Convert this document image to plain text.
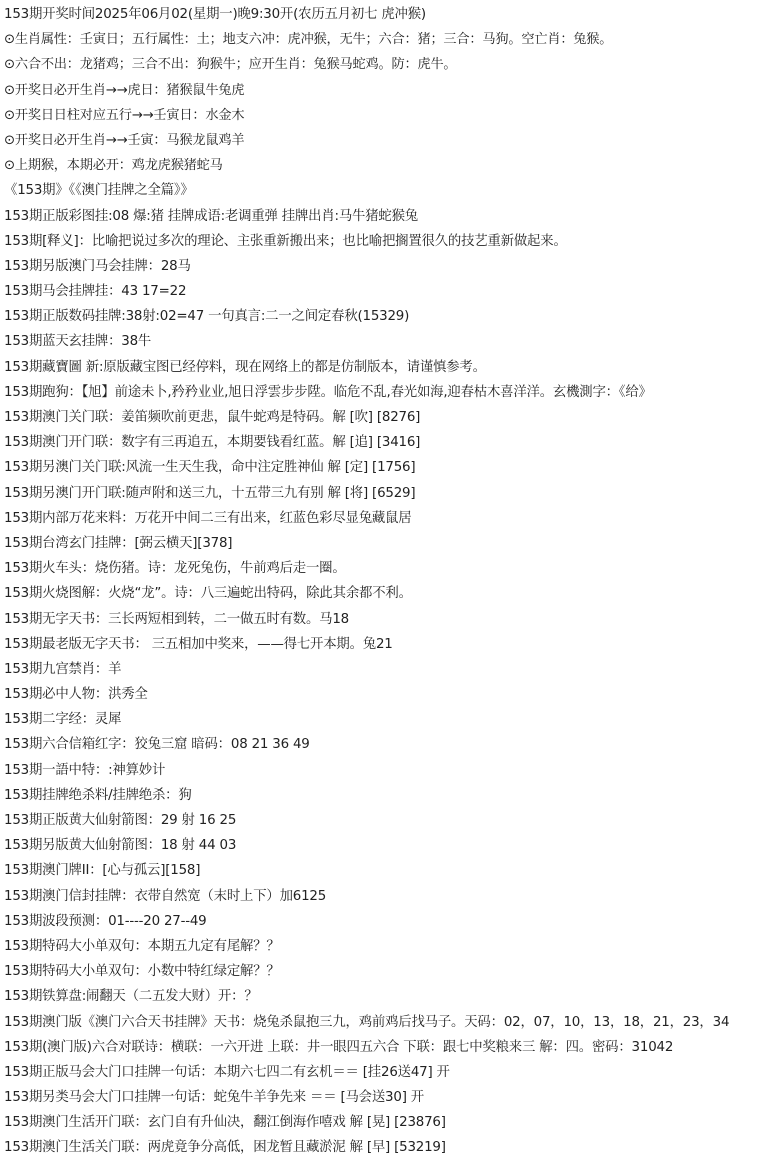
153期开奖时间2025年06月02(星期一)晚9:30开(农历五月初七 虎冲猴)
⊙生肖属性：壬寅日；五行属性：土；地支六冲：虎冲猴，无牛；六合：猪；三合：马狗。空亡肖：兔猴。
⊙六合不出：龙猪鸡；三合不出：狗猴牛；应开生肖：兔猴马蛇鸡。防：虎牛。
⊙开奖日必开生肖→→虎日：猪猴鼠牛兔虎
⊙开奖日日柱对应五行→→壬寅日：水金木
⊙开奖日必开生肖→→壬寅：马猴龙鼠鸡羊
⊙上期猴，本期必开：鸡龙虎猴猪蛇马
《153期》《《澳门挂牌之全篇》》
153期正版彩图挂:08 爆:猪 挂牌成语:老调重弹 挂牌出肖:马牛猪蛇猴兔
153期[释义]：比喻把说过多次的理论、主张重新搬出来；也比喻把搁置很久的技艺重新做起来。
153期另版澳门马会挂牌：28马
153期马会挂牌挂：43 17=22
153期正版数码挂牌:38射:02=47 一句真言:二一之间定春秋(15329)
153期蓝天玄挂牌：38牛
153期藏寶圖 新:原版藏宝图已经停料，现在网络上的都是仿制版本，请谨慎参考。
153期跑狗：【旭】前途未卜,矜矜业业,旭日浮雲步步陞。临危不乱,春光如海,迎春枯木喜洋洋。玄機測字：《给》
153期澳门关门联：姜笛频吹前更悲，鼠牛蛇鸡是特码。解 [吹] [8276]
153期澳门开门联：数字有三再追五，本期要钱看红蓝。解 [追] [3416]
153期另澳门关门联:风流一生天生我，命中注定胜神仙 解 [定] [1756]
153期另澳门开门联:随声附和送三九，十五带三九有别 解 [将] [6529]
153期内部万花来料：万花开中间二三有出来，红蓝色彩尽显兔藏鼠居
153期台湾玄门挂牌：[弼云横天][378]
153期火车头：烧伤猪。诗：龙死兔伤，牛前鸡后走一圈。
153期火烧图解：火烧“龙”。诗：八三遍蛇出特码，除此其余都不利。
153期无字天书：三长两短相到转，二一做五时有数。马18
153期最老版无字天书： 三五相加中奖来，——得七开本期。兔21
153期九宫禁肖：羊
153期必中人物：洪秀全
153期二字经：灵犀
153期六合信箱红字：狡兔三窟 暗码：08 21 36 49
153期一語中特：:神算妙计
153期挂牌绝杀料/挂牌绝杀：狗
153期正版黄大仙射箭图：29 射 16 25
153期另版黄大仙射箭图：18 射 44 03
153期澳门牌II：[心与孤云][158]
153期澳门信封挂牌：衣带自然宽（末时上下）加6125
153期波段预测：01----20 27--49
153期特码大小单双句：本期五九定有尾解？？
153期特码大小单双句：小数中特红绿定解？？
153期铁算盘:闹翻天（二五发大财）开：？
153期澳门版《澳门六合天书挂牌》天书：烧兔杀鼠抱三九，鸡前鸡后找马子。天码：02，07，10，13，18，21，23，34
153期(澳门版)六合对联诗：横联：一六开进 上联：井一眼四五六合 下联：跟七中奖粮来三 解：四。密码：31042
153期正版马会大门口挂牌一句话：本期六七四二有玄机＝＝ [挂26送47] 开
153期另类马会大门口挂牌一句话：蛇兔牛羊争先来 ＝＝ [马会送30] 开
153期澳门生活开门联：玄门自有升仙决，翻江倒海作嘻戏 解 [晃] [23876]
153期澳门生活关门联：两虎竟争分高低，困龙暂且藏淤泥 解 [早] [53219]
